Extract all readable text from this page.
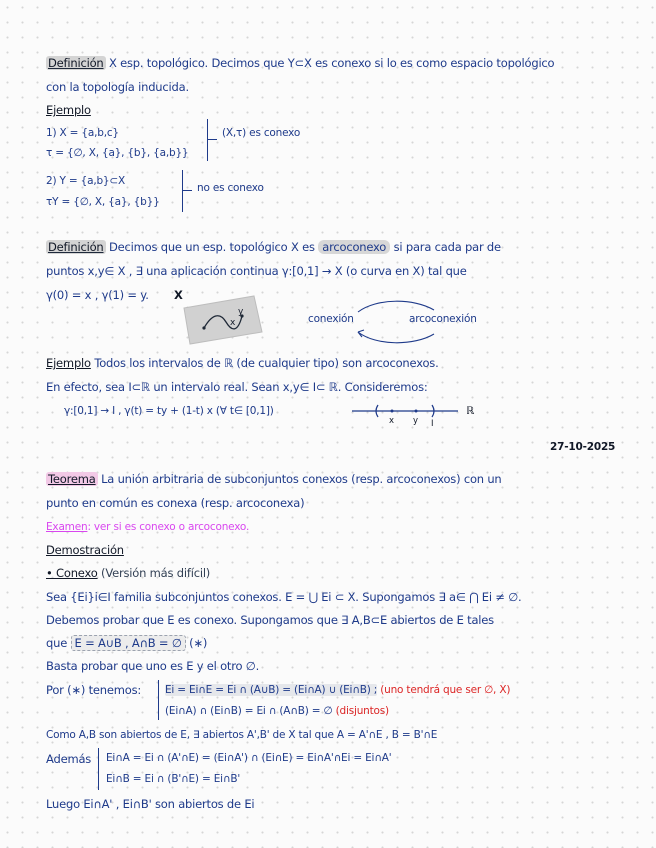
Definición X esp. topológico. Decimos que Y⊂X es conexo si lo es como espacio topológico
con la topología inducida.
Ejemplo
1) X = {a,b,c}
τ = {∅, X, {a}, {b}, {a,b}}
(X,τ) es conexo
2) Y = {a,b}⊂X
τY = {∅, X, {a}, {b}}
no es conexo
Definición Decimos que un esp. topológico X es arcoconexo si para cada par de
puntos x,y∈ X , ∃ una aplicación continua γ:[0,1] → X (o curva en X) tal que
γ(0) = x , γ(1) = y. X
y
x	conexión	arcoconexión
Ejemplo Todos los intervalos de ℝ (de cualquier tipo) son arcoconexos.
En efecto, sea I⊂ℝ un intervalo real. Sean x,y∈ I⊂ ℝ. Consideremos:
γ:[0,1] → I , γ(t) = ty + (1-t) x (∀ t∈ [0,1])
x y I
ℝ
27-10-2025
Teorema La unión arbitraria de subconjuntos conexos (resp. arcoconexos) con un
punto en común es conexa (resp. arcoconexa)
Examen: ver si es conexo o arcoconexo.
Demostración
• Conexo (Versión más difícil)
Sea {Ei}i∈I familia subconjuntos conexos. E = ⋃ Ei ⊂ X. Supongamos ∃ a∈ ⋂ Ei ≠ ∅.
Debemos probar que E es conexo. Supongamos que ∃ A,B⊂E abiertos de E tales
que E = A∪B , A∩B = ∅ (∗)
Basta probar que uno es E y el otro ∅.
Por (∗) tenemos: Ei = Ei∩E = Ei ∩ (A∪B) = (Ei∩A) ∪ (Ei∩B) ; (uno tendrá que ser ∅, X)
(Ei∩A) ∩ (Ei∩B) = Ei ∩ (A∩B) = ∅ (disjuntos)
Como A,B son abiertos de E, ∃ abiertos A',B' de X tal que A = A'∩E , B = B'∩E
Además Ei∩A = Ei ∩ (A'∩E) = (Ei∩A') ∩ (Ei∩E) = Ei∩A'∩Ei = Ei∩A'
Ei∩B = Ei ∩ (B'∩E) = Ei∩B'
Luego Ei∩A' , Ei∩B' son abiertos de Ei
